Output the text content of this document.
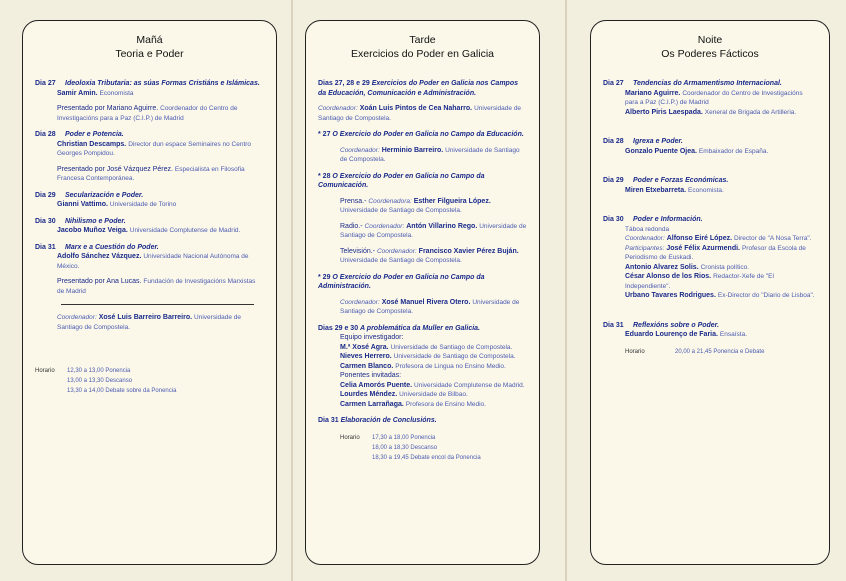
Mañá
Teoria e Poder
Dia 27 Ideoloxia Tributaria: as súas Formas Cristiáns e Islámicas.
Samir Amin. Economista
Presentado por Mariano Aguirre. Coordenador do Centro de Investigacións para a Paz (C.I.P.) de Madrid
Dia 28 Poder e Potencia.
Christian Descamps. Director dun espace Seminaires no Centro Georges Pompidou.
Presentado por José Vázquez Pérez. Especialista en Filosofia Francesa Contemporánea.
Dia 29 Secularización e Poder.
Gianni Vattimo. Universidade de Torino
Dia 30 Nihilismo e Poder.
Jacobo Muñoz Veiga. Universidade Complutense de Madrid.
Dia 31 Marx e a Cuestión do Poder.
Adolfo Sánchez Vázquez. Universidade Nacional Autónoma de México.
Presentado por Ana Lucas. Fundación de Investigacións Marxistas de Madrid
Coordenador: Xosé Luis Barreiro Barreiro. Universidade de Santiago de Compostela.
Horario 12,30 a 13,00 Ponencia
13,00 a 13,30 Descanso
13,30 a 14,00 Debate sobre da Ponencia
Tarde
Exercicios do Poder en Galicia
Dias 27, 28 e 29 Exercicios do Poder en Galicia nos Campos da Educación, Comunicación e Administración.
Coordenador: Xoán Luis Pintos de Cea Naharro. Universidade de Santiago de Compostela.
* 27 O Exercicio do Poder en Galicia no Campo da Educación.
Coordenador: Herminio Barreiro. Universidade de Santiago de Compostela.
* 28 O Exercicio do Poder en Galicia no Campo da Comunicación.
Prensa.- Coordenadora: Esther Filgueira López. Universidade de Santiago de Compostela.
Radio.- Coordenador: Antón Villarino Rego. Universidade de Santiago de Compostela.
Televisión.- Coordenador: Francisco Xavier Pérez Buján. Universidade de Santiago de Compostela.
* 29 O Exercicio do Poder en Galicia no Campo da Administración.
Coordenador: Xosé Manuel Rivera Otero. Universidade de Santiago de Compostela.
Dias 29 e 30 A problemática da Muller en Galicia.
Equipo investigador:
M.ª Xosé Agra. Universidade de Santiago de Compostela.
Nieves Herrero. Universidade de Santiago de Compostela.
Carmen Blanco. Profesora de Lingua no Ensino Medio.
Ponentes invitadas:
Celia Amorós Puente. Universidade Complutense de Madrid.
Lourdes Méndez. Universidade de Bilbao.
Carmen Larrañaga. Profesora de Ensino Medio.
Dia 31 Elaboración de Conclusións.
Horario 17,30 a 18,00 Ponencia
18,00 a 18,30 Descanso
18,30 a 19,45 Debate encol da Ponencia
Noite
Os Poderes Fácticos
Dia 27 Tendencias do Armamentismo Internacional.
Mariano Aguirre. Coordenador do Centro de Investigacións para a Paz (C.I.P.) de Madrid
Alberto Piris Laespada. Xeneral de Brigada de Artilleria.
Dia 28 Igrexa e Poder.
Gonzalo Puente Ojea. Embaixador de España.
Dia 29 Poder e Forzas Económicas.
Miren Etxebarreta. Economista.
Dia 30 Poder e Información.
Táboa redonda
Coordenador: Alfonso Eiré López. Director de "A Nosa Terra".
Participantes: José Félix Azurmendi. Profesor da Escola de Periodismo de Euskadi.
Antonio Alvarez Solis. Cronista político.
César Alonso de los Rios. Redactor-Xefe de "El Independiente".
Urbano Tavares Rodrigues. Ex-Director do "Diario de Lisboa".
Dia 31 Reflexións sobre o Poder.
Eduardo Lourenço de Faria. Ensaísta.
Horario	20,00 a 21,45 Ponencia e Debate
